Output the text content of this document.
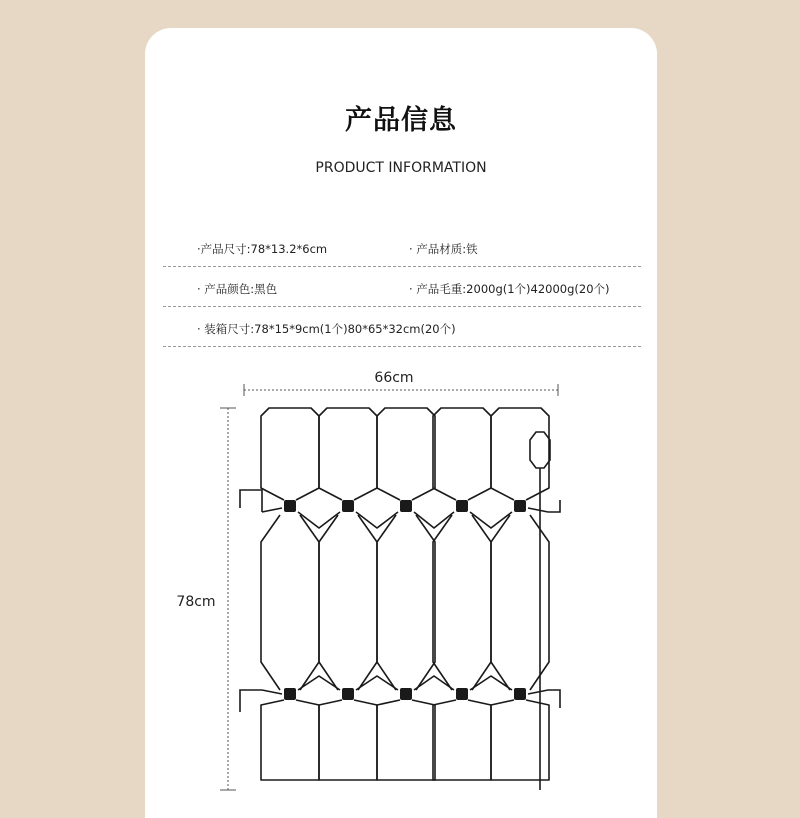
产品信息
PRODUCT INFORMATION
·产品尺寸:78*13.2*6cm	· 产品材质:铁
· 产品颜色:黑色	· 产品毛重:2000g(1个)42000g(20个)
· 装箱尺寸:78*15*9cm(1个)80*65*32cm(20个)
66cm
78cm
